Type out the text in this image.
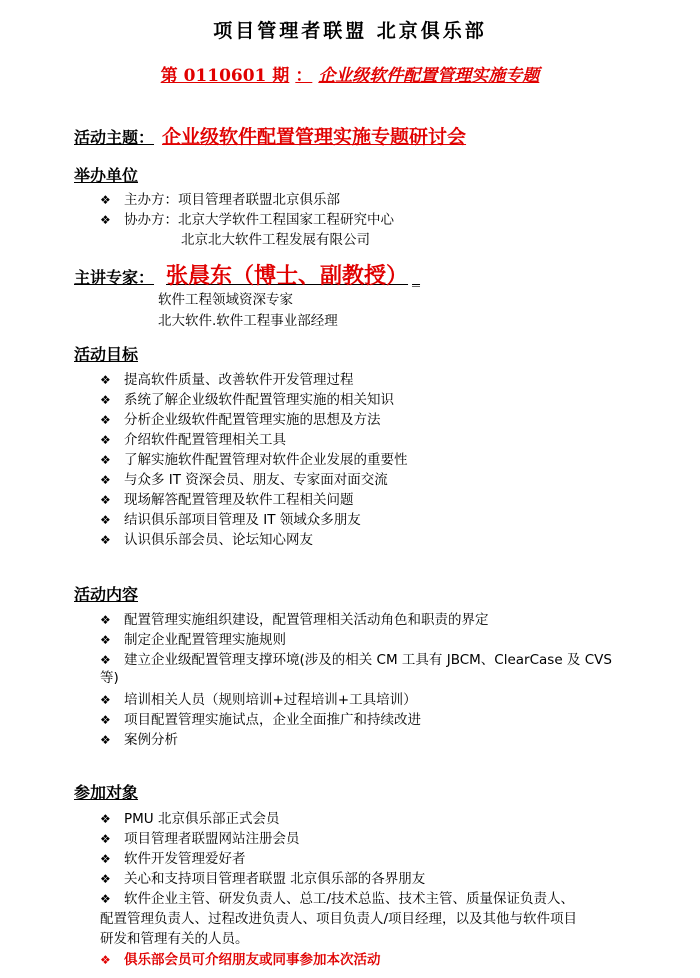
项目管理者联盟 北京俱乐部
第 0110601 期 ： 企业级软件配置管理实施专题
活动主题： 企业级软件配置管理实施专题研讨会
举办单位
❖ 主办方：项目管理者联盟北京俱乐部
❖ 协办方：北京大学软件工程国家工程研究中心
北京北大软件工程发展有限公司
主讲专家： 张晨东（博士、副教授） _
软件工程领域资深专家
北大软件.软件工程事业部经理
活动目标
❖ 提高软件质量、改善软件开发管理过程
❖ 系统了解企业级软件配置管理实施的相关知识
❖ 分析企业级软件配置管理实施的思想及方法
❖ 介绍软件配置管理相关工具
❖ 了解实施软件配置管理对软件企业发展的重要性
❖ 与众多 IT 资深会员、朋友、专家面对面交流
❖ 现场解答配置管理及软件工程相关问题
❖ 结识俱乐部项目管理及 IT 领域众多朋友
❖ 认识俱乐部会员、论坛知心网友
活动内容
❖ 配置管理实施组织建设，配置管理相关活动角色和职责的界定
❖ 制定企业配置管理实施规则
❖ 建立企业级配置管理支撑环境(涉及的相关 CM 工具有 JBCM、ClearCase 及 CVS
❖ 培训相关人员（规则培训+过程培训+工具培训）
❖ 项目配置管理实施试点，企业全面推广和持续改进
❖ 案例分析
等)
参加对象
❖ PMU 北京俱乐部正式会员
❖ 项目管理者联盟网站注册会员
❖ 软件开发管理爱好者
❖ 关心和支持项目管理者联盟 北京俱乐部的各界朋友
❖ 软件企业主管、研发负责人、总工/技术总监、技术主管、质量保证负责人、
配置管理负责人、过程改进负责人、项目负责人/项目经理，以及其他与软件项目
研发和管理有关的人员。
❖ 俱乐部会员可介绍朋友或同事参加本次活动
